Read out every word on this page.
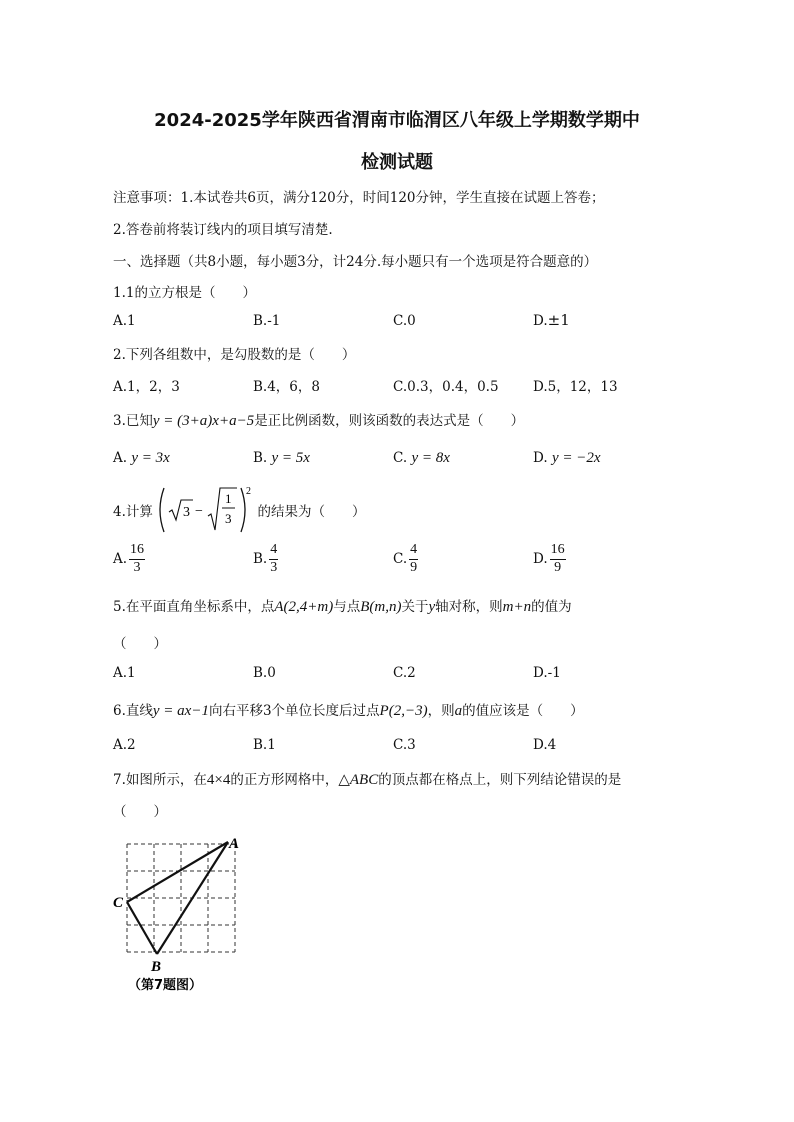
2024-2025学年陕西省渭南市临渭区八年级上学期数学期中
检测试题
注意事项：1.本试卷共6页，满分120分，时间120分钟，学生直接在试题上答卷；
2.答卷前将装订线内的项目填写清楚.
一、选择题（共8小题，每小题3分，计24分.每小题只有一个选项是符合题意的）
1.1的立方根是（　　）
A.1	B.-1	C.0	D.±1
2.下列各组数中，是勾股数的是（　　）
A.1，2，3	B.4，6，8	C.0.3，0.4，0.5	D.5，12，13
3.已知y = (3+a)x+a−5是正比例函数，则该函数的表达式是（　　）
A. y = 3x	B. y = 5x	C. y = 8x	D. y = −2x
4.计算 3 −
1
3
2
的结果为（　　）
A. $\frac{16}{3}$	B. $\frac{4}{3}$	C. $\frac{4}{9}$	D. $\frac{16}{9}$
5.在平面直角坐标系中，点A(2,4+m)与点B(m,n)关于y轴对称，则m+n的值为
（　　）
A.1	B.0	C.2	D.-1
6.直线y = ax−1向右平移3个单位长度后过点P(2,−3)，则a的值应该是（　　）
A.2	B.1	C.3	D.4
7.如图所示，在4×4的正方形网格中，△ABC的顶点都在格点上，则下列结论错误的是
（　　）
A
C
B
（第7题图）
